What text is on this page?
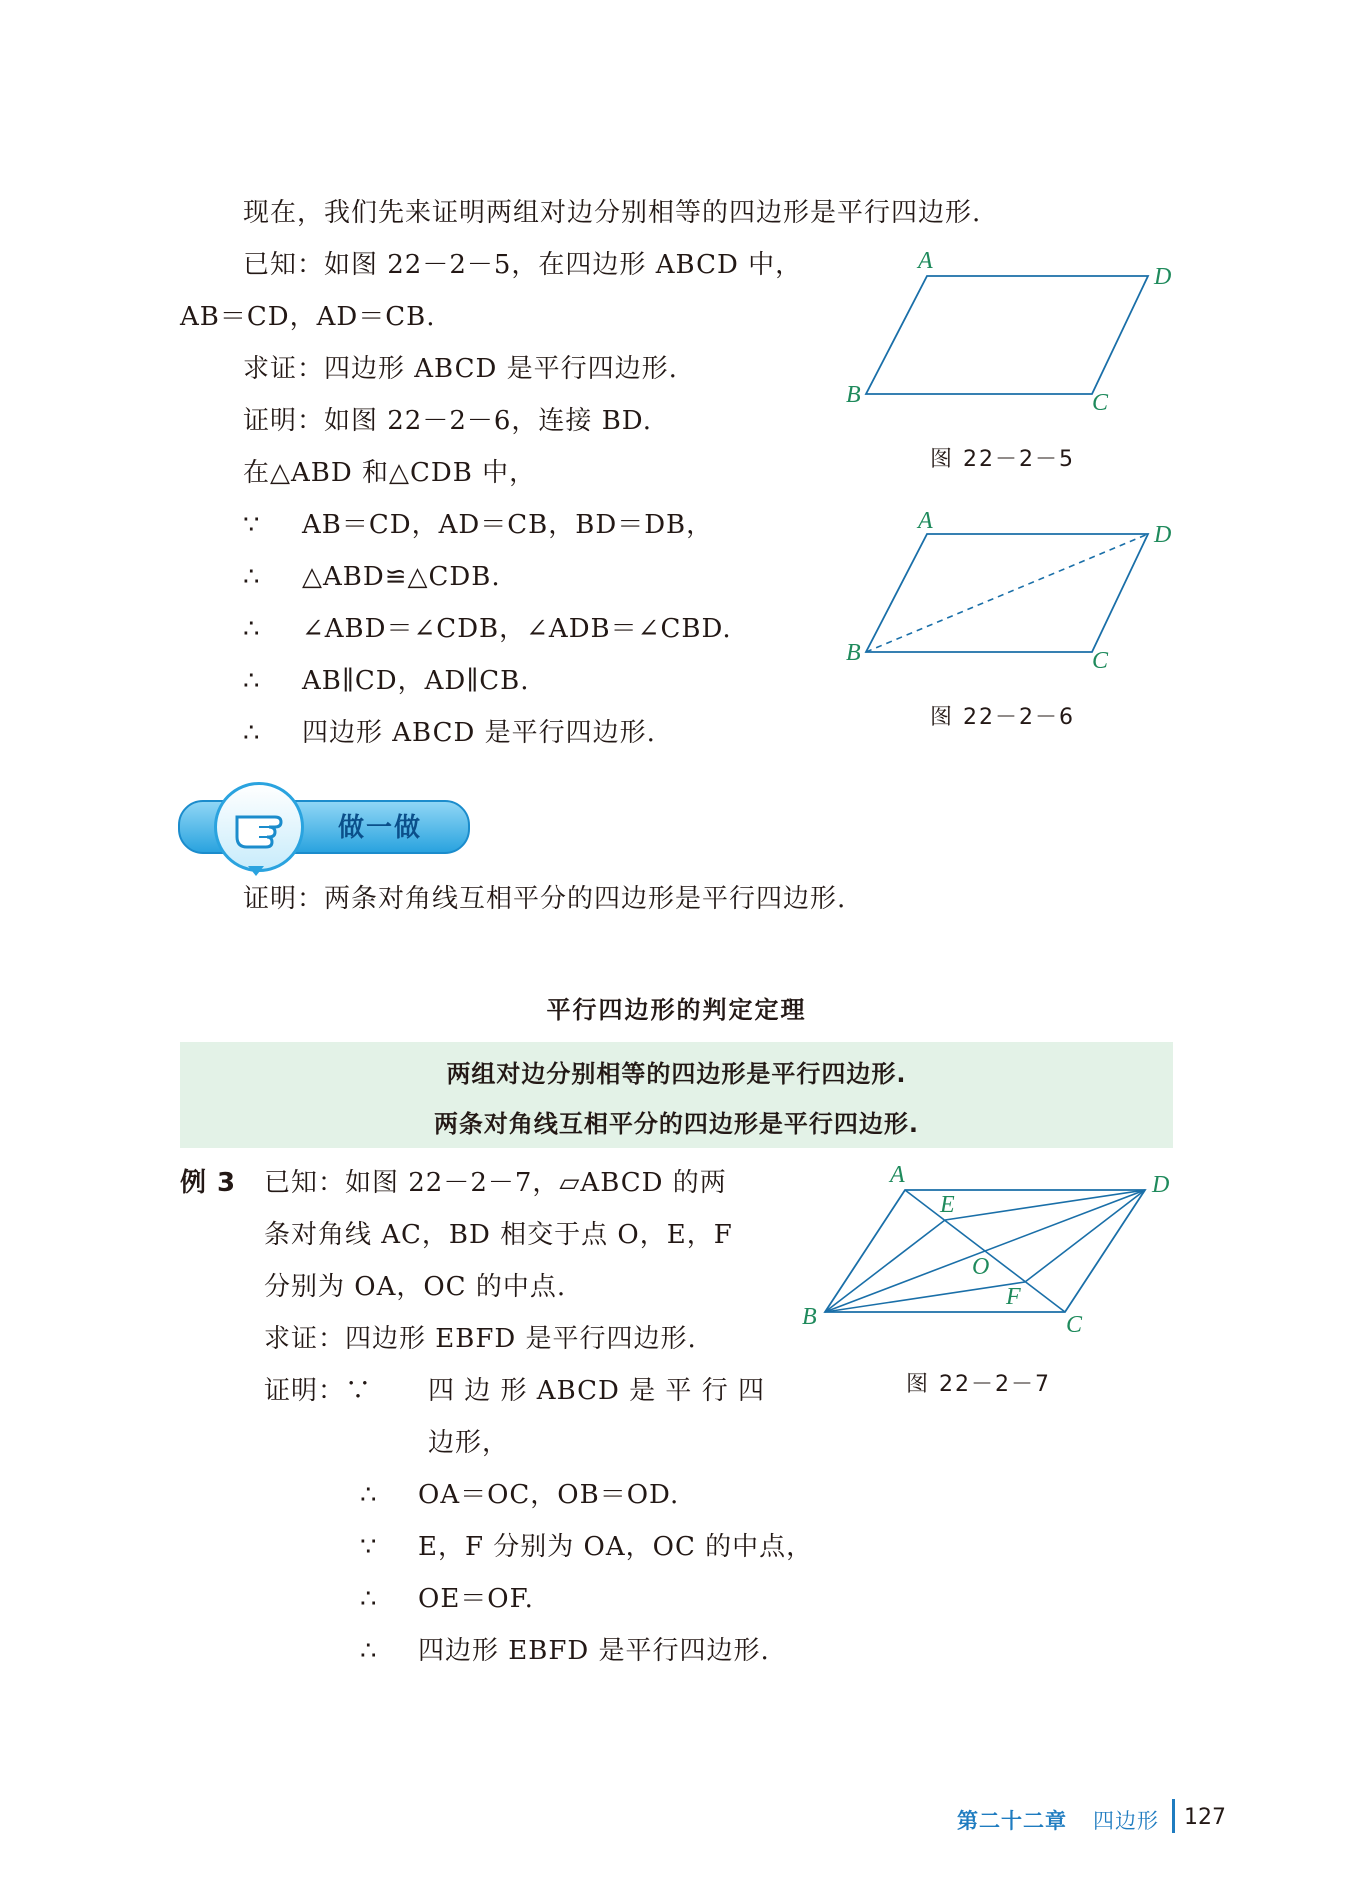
现在，我们先来证明两组对边分别相等的四边形是平行四边形.
已知：如图 22－2－5，在四边形 ABCD 中，
AB＝CD，AD＝CB.
求证：四边形 ABCD 是平行四边形.
证明：如图 22－2－6，连接 BD.
在△ABD 和△CDB 中，
∵ AB＝CD，AD＝CB，BD＝DB，
∴ △ABD≌△CDB.
∴ ∠ABD＝∠CDB，∠ADB＝∠CBD.
∴ AB∥CD，AD∥CB.
∴ 四边形 ABCD 是平行四边形.
A
D
B	C
图 22－2－5
A
D
B	C
图 22－2－6
做一做
证明：两条对角线互相平分的四边形是平行四边形.
平行四边形的判定定理
两组对边分别相等的四边形是平行四边形.
两条对角线互相平分的四边形是平行四边形.
例 3 已知：如图 22－2－7，▱ABCD 的两
条对角线 AC，BD 相交于点 O，E，F
分别为 OA，OC 的中点.
求证：四边形 EBFD 是平行四边形.
证明：∵ 四 边 形 ABCD 是 平 行 四
边形，
∴ OA＝OC，OB＝OD.
∵ E，F 分别为 OA，OC 的中点，
∴ OE＝OF.
∴ 四边形 EBFD 是平行四边形.
A	D
B	C
E
O
F
图 22－2－7
第二十二章 四边形 127
